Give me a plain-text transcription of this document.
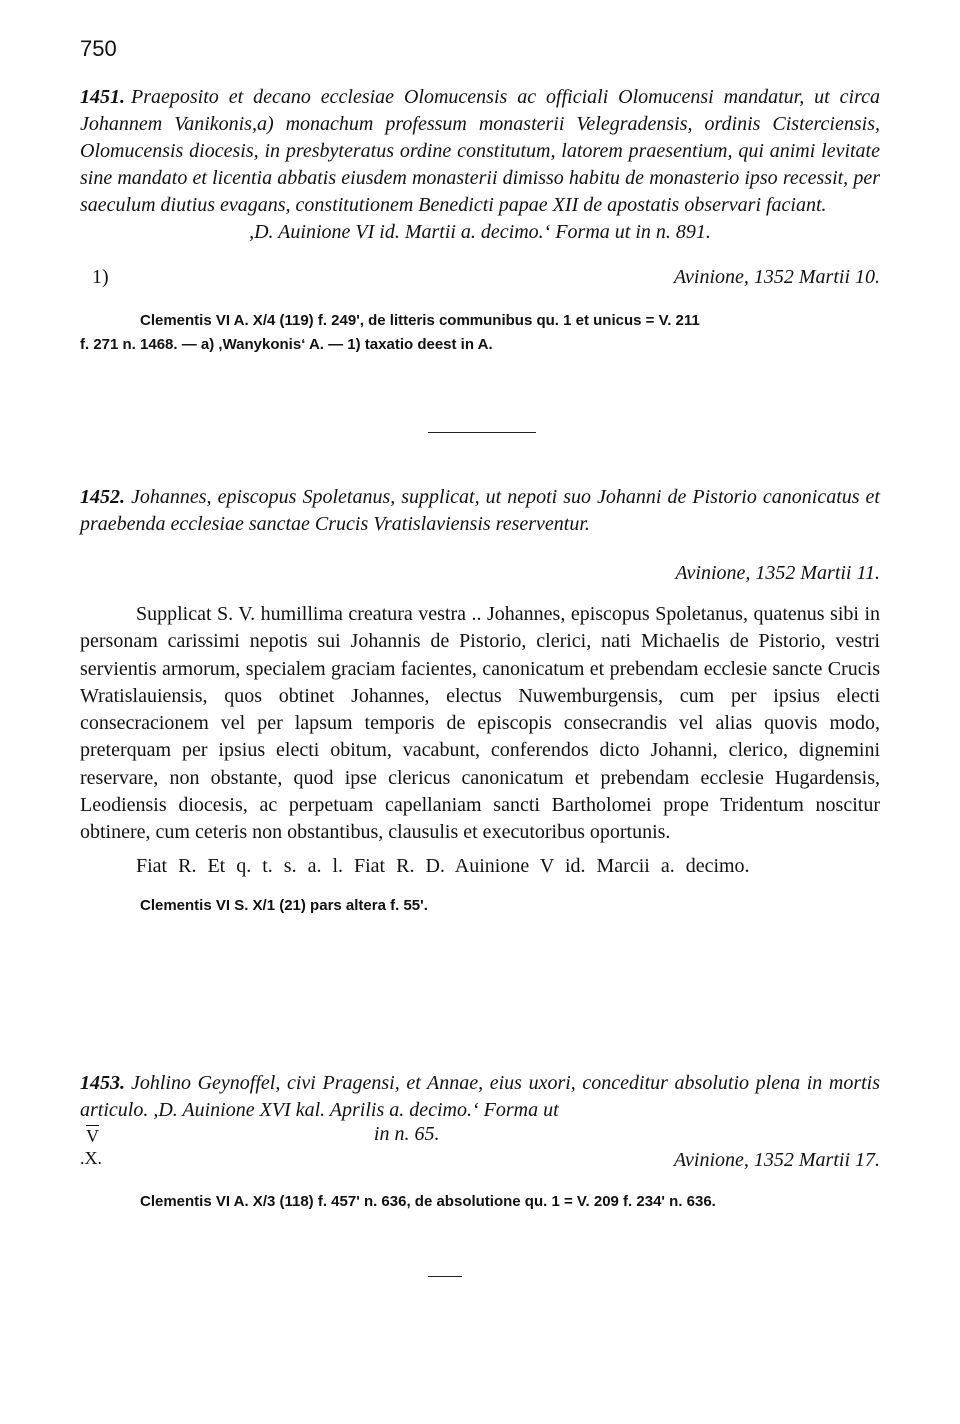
750

1451. Praeposito et decano ecclesiae Olomucensis ac officiali Olomucensi mandatur, ut circa Johannem Vanikonis,a) monachum professum monasterii Velegradensis, ordinis Cisterciensis, Olomucensis diocesis, in presbyteratus ordine constitutum, latorem praesentium, qui animi levitate sine mandato et licentia abbatis eiusdem monasterii dimisso habitu de monasterio ipso recessit, per saeculum diutius evagans, constitutionem Benedicti papae XII de apostatis observari faciant.
,D. Auinione VI id. Martii a. decimo.‘ Forma ut in n. 891.

1)	Avinione, 1352 Martii 10.

Clementis VI A. X/4 (119) f. 249', de litteris communibus qu. 1 et unicus = V. 211

f. 271 n. 1468. — a) ,Wanykonis‘ A. — 1) taxatio deest in A.

1452. Johannes, episcopus Spoletanus, supplicat, ut nepoti suo Johanni de Pistorio canonicatus et praebenda ecclesiae sanctae Crucis Vratislaviensis reserventur.

Avinione, 1352 Martii 11.

Supplicat S. V. humillima creatura vestra .. Johannes, episcopus Spoletanus, quatenus sibi in personam carissimi nepotis sui Johannis de Pistorio, clerici, nati Michaelis de Pistorio, vestri servientis armorum, specialem graciam facientes, canonicatum et prebendam ecclesie sancte Crucis Wratislauiensis, quos obtinet Johannes, electus Nuwemburgensis, cum per ipsius electi consecracionem vel per lapsum temporis de episcopis consecrandis vel alias quovis modo, preterquam per ipsius electi obitum, vacabunt, conferendos dicto Johanni, clerico, dignemini reservare, non obstante, quod ipse clericus canonicatum et prebendam ecclesie Hugardensis, Leodiensis diocesis, ac perpetuam capellaniam sancti Bartholomei prope Tridentum noscitur obtinere, cum ceteris non obstantibus, clausulis et executoribus oportunis.

Fiat R. Et q. t. s. a. l. Fiat R. D. Auinione V id. Marcii a. decimo.

Clementis VI S. X/1 (21) pars altera f. 55'.

1453. Johlino Geynoffel, civi Pragensi, et Annae, eius uxori, conceditur absolutio plena in mortis articulo. ,D. Auinione XVI kal. Aprilis a. decimo.‘ Forma ut

$\overline{V}$
.X.
in n. 65.
Avinione, 1352 Martii 17.

Clementis VI A. X/3 (118) f. 457' n. 636, de absolutione qu. 1 = V. 209 f. 234' n. 636.
